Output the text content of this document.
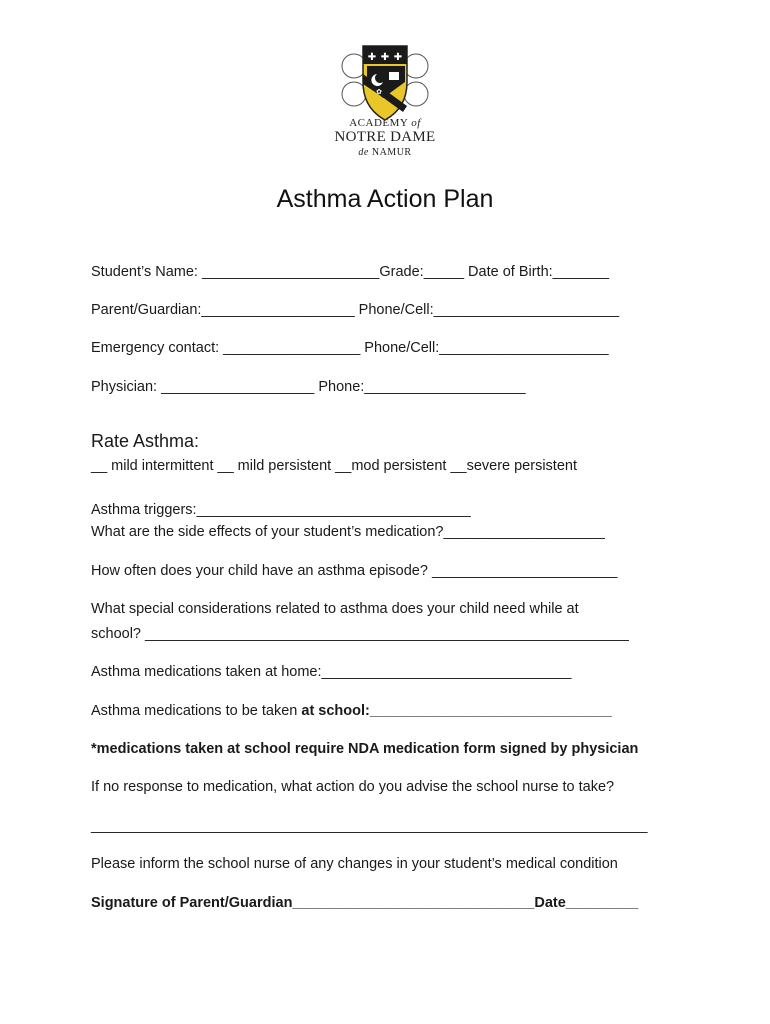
✚ ✚ ✚
✿
ACADEMY of
NOTRE DAME
de NAMUR
Asthma Action Plan
Student’s Name: ______________________Grade:_____ Date of Birth:_______
Parent/Guardian:___________________ Phone/Cell:_______________________
Emergency contact: _________________ Phone/Cell:_____________________
Physician: ___________________ Phone:____________________
Rate Asthma:
__ mild intermittent __ mild persistent __mod persistent __severe persistent
Asthma triggers:__________________________________
What are the side effects of your student’s medication?____________________
How often does your child have an asthma episode? _______________________
What special considerations related to asthma does your child need while at
school? ____________________________________________________________
Asthma medications taken at home:_______________________________
Asthma medications to be taken at school:______________________________
*medications taken at school require NDA medication form signed by physician
If no response to medication, what action do you advise the school nurse to take?
_____________________________________________________________________
Please inform the school nurse of any changes in your student’s medical condition
Signature of Parent/Guardian______________________________Date_________
